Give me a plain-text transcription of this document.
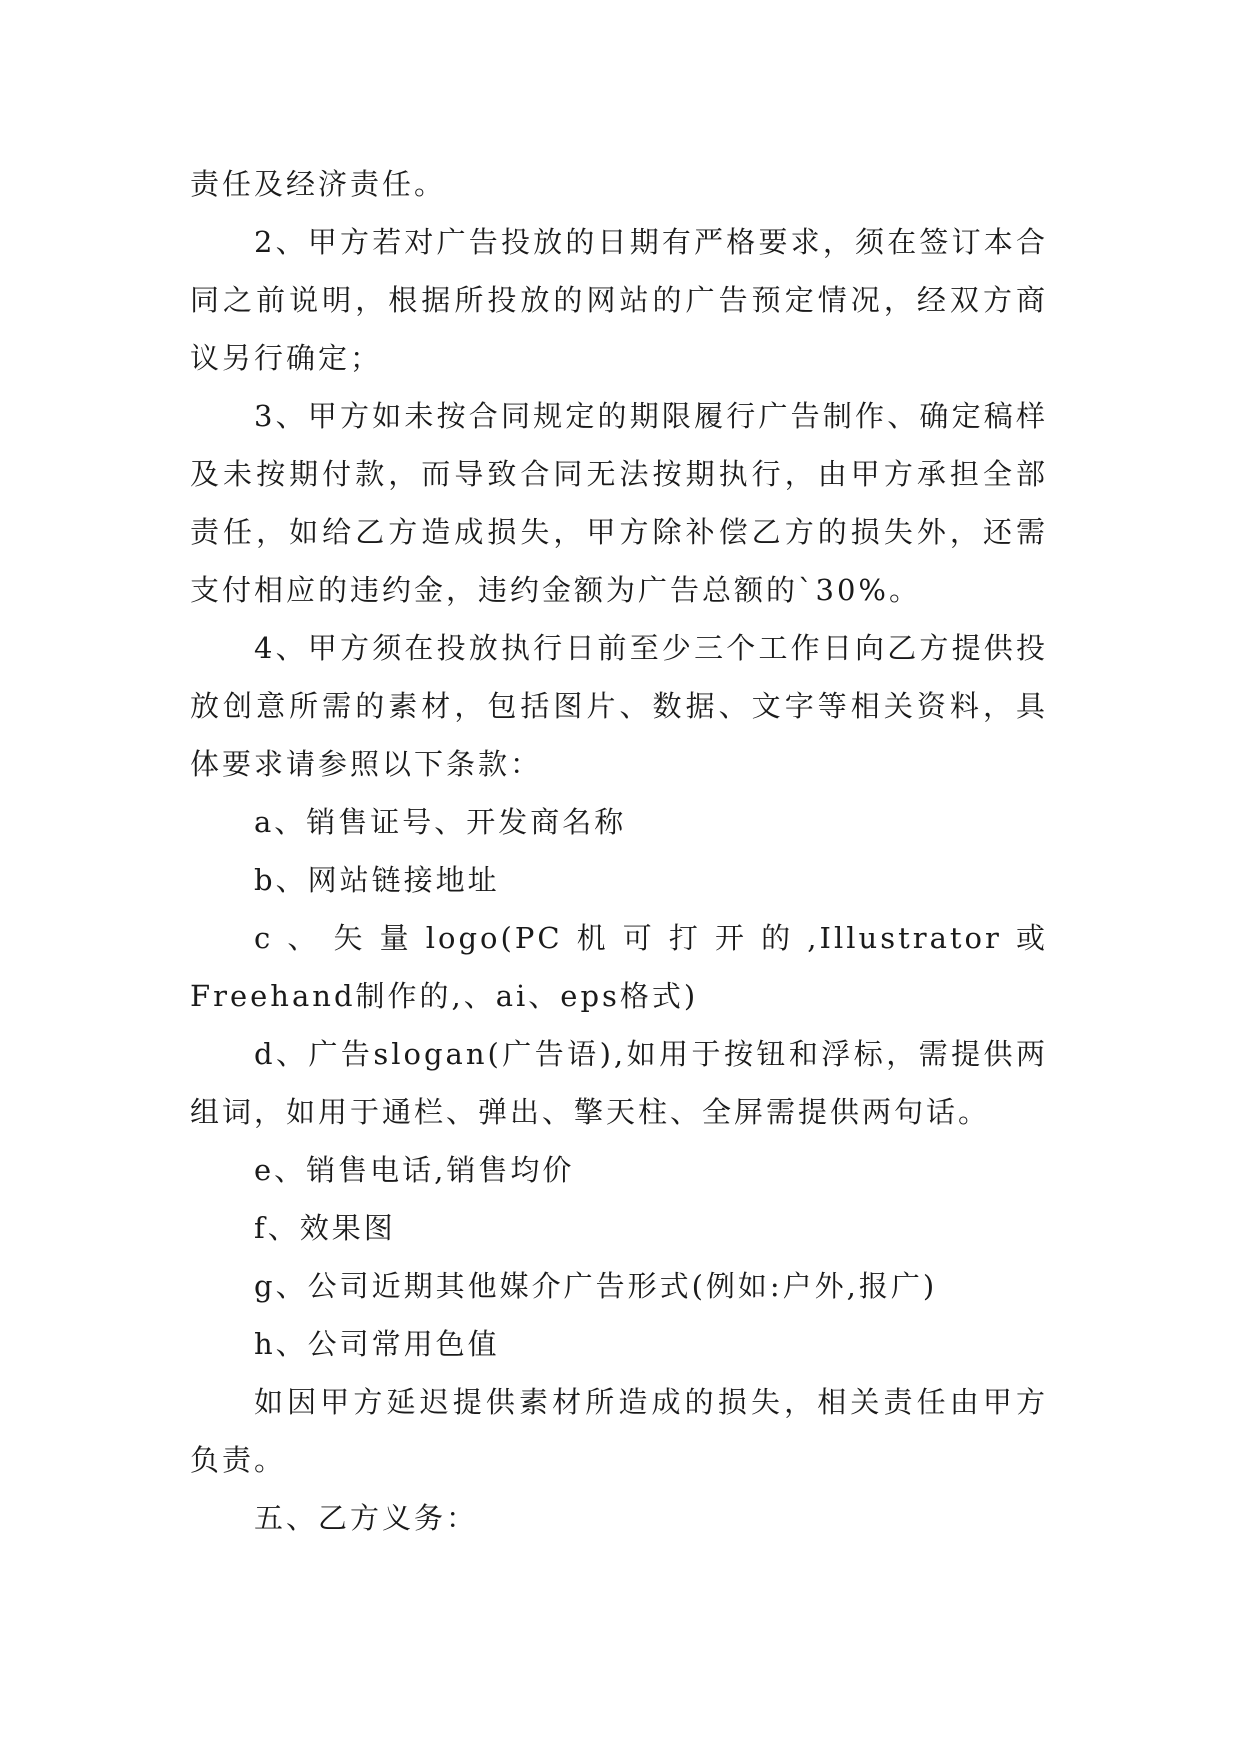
责任及经济责任。

2、甲方若对广告投放的日期有严格要求，须在签订本合同之前说明，根据所投放的网站的广告预定情况，经双方商议另行确定；

3、甲方如未按合同规定的期限履行广告制作、确定稿样及未按期付款，而导致合同无法按期执行，由甲方承担全部责任，如给乙方造成损失，甲方除补偿乙方的损失外，还需支付相应的违约金，违约金额为广告总额的`30%。

4、甲方须在投放执行日前至少三个工作日向乙方提供投放创意所需的素材，包括图片、数据、文字等相关资料，具体要求请参照以下条款：

a、销售证号、开发商名称

b、网站链接地址

c、矢量logo(PC机可打开的,Illustrator或Freehand制作的,、ai、eps格式)

d、广告slogan(广告语),如用于按钮和浮标，需提供两组词，如用于通栏、弹出、擎天柱、全屏需提供两句话。

e、销售电话,销售均价

f、效果图

g、公司近期其他媒介广告形式(例如:户外,报广)

h、公司常用色值

如因甲方延迟提供素材所造成的损失，相关责任由甲方负责。

五、乙方义务：
